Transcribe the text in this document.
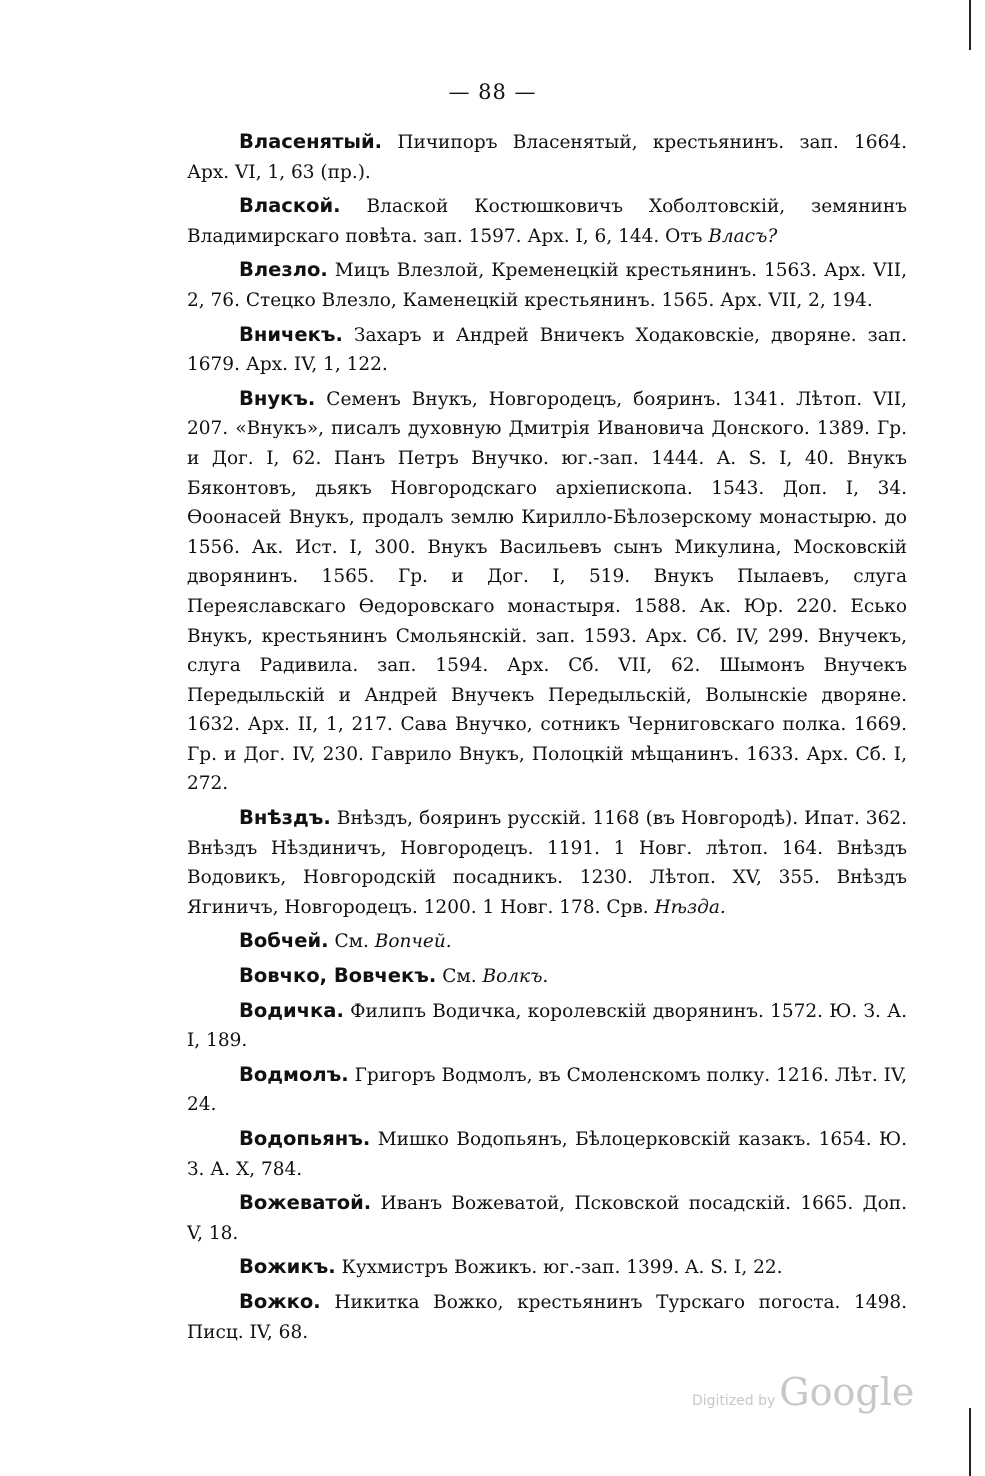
— 88 —

Власенятый. Пичипоръ Власенятый, крестьянинъ. зап. 1664. Арх. VI, 1, 63 (пр.).

Влаской. Влаской Костюшковичъ Хоболтовскій, земянинъ Владимирскаго повѣта. зап. 1597. Арх. I, 6, 144. Отъ Власъ?

Влезло. Мицъ Влезлой, Кременецкій крестьянинъ. 1563. Арх. VII, 2, 76. Стецко Влезло, Каменецкій крестьянинъ. 1565. Арх. VII, 2, 194.

Вничекъ. Захаръ и Андрей Вничекъ Ходаковскіе, дворяне. зап. 1679. Арх. IV, 1, 122.

Внукъ. Семенъ Внукъ, Новгородецъ, бояринъ. 1341. Лѣтоп. VII, 207. «Внукъ», писалъ духовную Дмитрія Ивановича Донского. 1389. Гр. и Дог. I, 62. Панъ Петръ Внучко. юг.-зап. 1444. A. S. I, 40. Внукъ Бяконтовъ, дьякъ Новгородскаго архіепископа. 1543. Доп. I, 34. Ѳоонасей Внукъ, продалъ землю Кирилло-Бѣлозерскому монастырю. до 1556. Ак. Ист. I, 300. Внукъ Васильевъ сынъ Микулина, Московскій дворянинъ. 1565. Гр. и Дог. I, 519. Внукъ Пылаевъ, слуга Переяславскаго Ѳедоровскаго монастыря. 1588. Ак. Юр. 220. Есько Внукъ, крестьянинъ Смольянскій. зап. 1593. Арх. Сб. IV, 299. Внучекъ, слуга Радивила. зап. 1594. Арх. Сб. VII, 62. Шымонъ Внучекъ Передыльскій и Андрей Внучекъ Передыльскій, Волынскіе дворяне. 1632. Арх. II, 1, 217. Сава Внучко, сотникъ Черниговскаго полка. 1669. Гр. и Дог. IV, 230. Гаврило Внукъ, Полоцкій мѣщанинъ. 1633. Арх. Сб. I, 272.

Внѣздъ. Внѣздъ, бояринъ русскій. 1168 (въ Новгородѣ). Ипат. 362. Внѣздъ Нѣздиничъ, Новгородецъ. 1191. 1 Новг. лѣтоп. 164. Внѣздъ Водовикъ, Новгородскій посадникъ. 1230. Лѣтоп. XV, 355. Внѣздъ Ягиничъ, Новгородецъ. 1200. 1 Новг. 178. Срв. Нѣзда.

Вобчей. См. Вопчей.

Вовчко, Вовчекъ. См. Волкъ.

Водичка. Филипъ Водичка, королевскій дворянинъ. 1572. Ю. З. А. I, 189.

Водмолъ. Григоръ Водмолъ, въ Смоленскомъ полку. 1216. Лѣт. IV, 24.

Водопьянъ. Мишко Водопьянъ, Бѣлоцерковскій казакъ. 1654. Ю. З. А. X, 784.

Вожеватой. Иванъ Вожеватой, Псковской посадскій. 1665. Доп. V, 18.

Вожикъ. Кухмистръ Вожикъ. юг.-зап. 1399. A. S. I, 22.

Вожко. Никитка Вожко, крестьянинъ Турскаго погоста. 1498. Писц. IV, 68.

Digitized by Google
